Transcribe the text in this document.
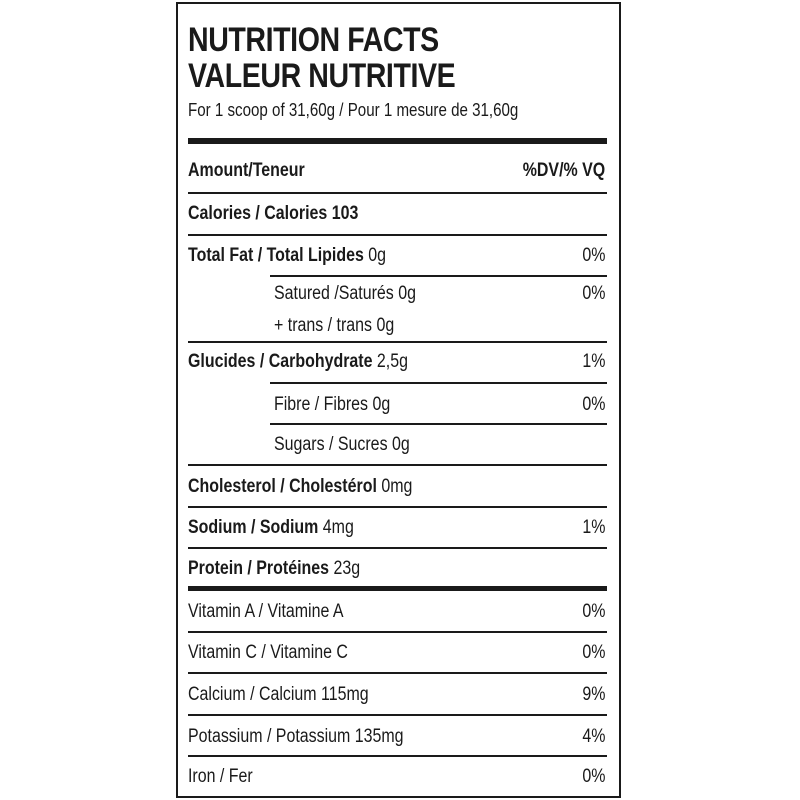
NUTRITION FACTS
VALEUR NUTRITIVE
For 1 scoop of 31,60g / Pour 1 mesure de 31,60g
Amount/Teneur	%DV/% VQ
Calories / Calories 103
Total Fat / Total Lipides 0g	0%
Satured /Saturés 0g	0%
+ trans / trans 0g
Glucides / Carbohydrate 2,5g	1%
Fibre / Fibres 0g	0%
Sugars / Sucres 0g
Cholesterol / Cholestérol 0mg
Sodium / Sodium 4mg	1%
Protein / Protéines 23g
Vitamin A / Vitamine A	0%
Vitamin C / Vitamine C	0%
Calcium / Calcium 115mg	9%
Potassium / Potassium 135mg	4%
Iron / Fer	0%
